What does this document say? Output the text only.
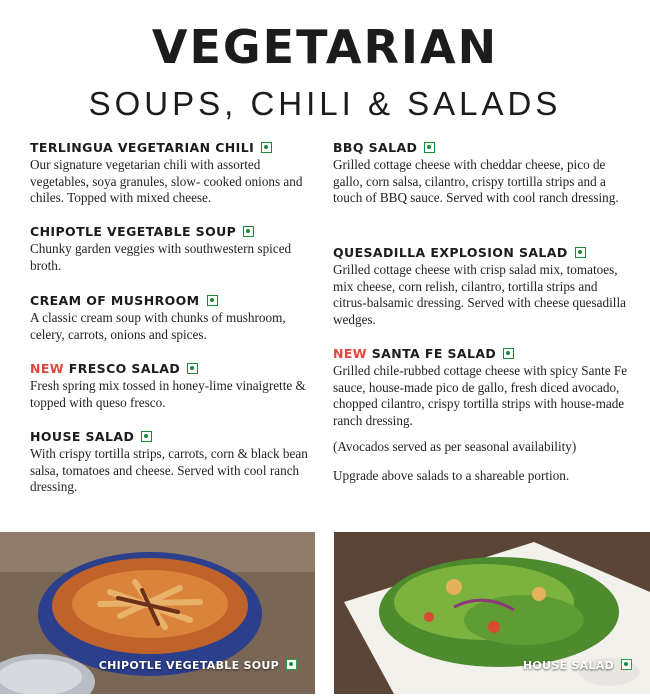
VEGETARIAN
SOUPS, CHILI & SALADS
TERLINGUA VEGETARIAN CHILI
Our signature vegetarian chili with assorted vegetables, soya granules, slow- cooked onions and chiles. Topped with mixed cheese.
CHIPOTLE VEGETABLE SOUP
Chunky garden veggies with southwestern spiced broth.
CREAM OF MUSHROOM
A classic cream soup with chunks of mushroom, celery, carrots, onions and spices.
NEW FRESCO SALAD
Fresh spring mix tossed in honey-lime vinaigrette & topped with queso fresco.
HOUSE SALAD
With crispy tortilla strips, carrots, corn & black bean salsa, tomatoes and cheese. Served with cool ranch dressing.
BBQ SALAD
Grilled cottage cheese with cheddar cheese, pico de gallo, corn salsa, cilantro, crispy tortilla strips and a touch of BBQ sauce. Served with cool ranch dressing.
QUESADILLA EXPLOSION SALAD
Grilled cottage cheese with crisp salad mix, tomatoes, mix cheese, corn relish, cilantro, tortilla strips and citrus-balsamic dressing. Served with cheese quesadilla wedges.
NEW SANTA FE SALAD
Grilled chile-rubbed cottage cheese with spicy Sante Fe sauce, house-made pico de gallo, fresh diced avocado, chopped cilantro, crispy tortilla strips with house-made ranch dressing.
(Avocados served as per seasonal availability)
Upgrade above salads to a shareable portion.
CHIPOTLE VEGETABLE SOUP	HOUSE SALAD
